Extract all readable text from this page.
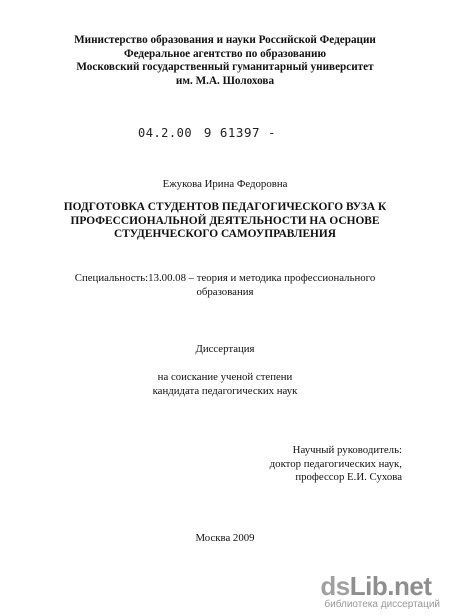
Министерство образования и науки Российской Федерации
Федеральное агентство по образованию
Московский государственный гуманитарный университет
им. М.А. Шолохова
04.2.00 9 61397 -
Ежукова Ирина Федоровна
ПОДГОТОВКА СТУДЕНТОВ ПЕДАГОГИЧЕСКОГО ВУЗА К
ПРОФЕССИОНАЛЬНОЙ ДЕЯТЕЛЬНОСТИ НА ОСНОВЕ
СТУДЕНЧЕСКОГО САМОУПРАВЛЕНИЯ
Специальность:13.00.08 – теория и методика профессионального
образования
Диссертация
на соискание ученой степени
кандидата педагогических наук
Научный руководитель:
доктор педагогических наук,
профессор Е.И. Сухова
Москва 2009
dsLib.net
библиотека диссертаций
